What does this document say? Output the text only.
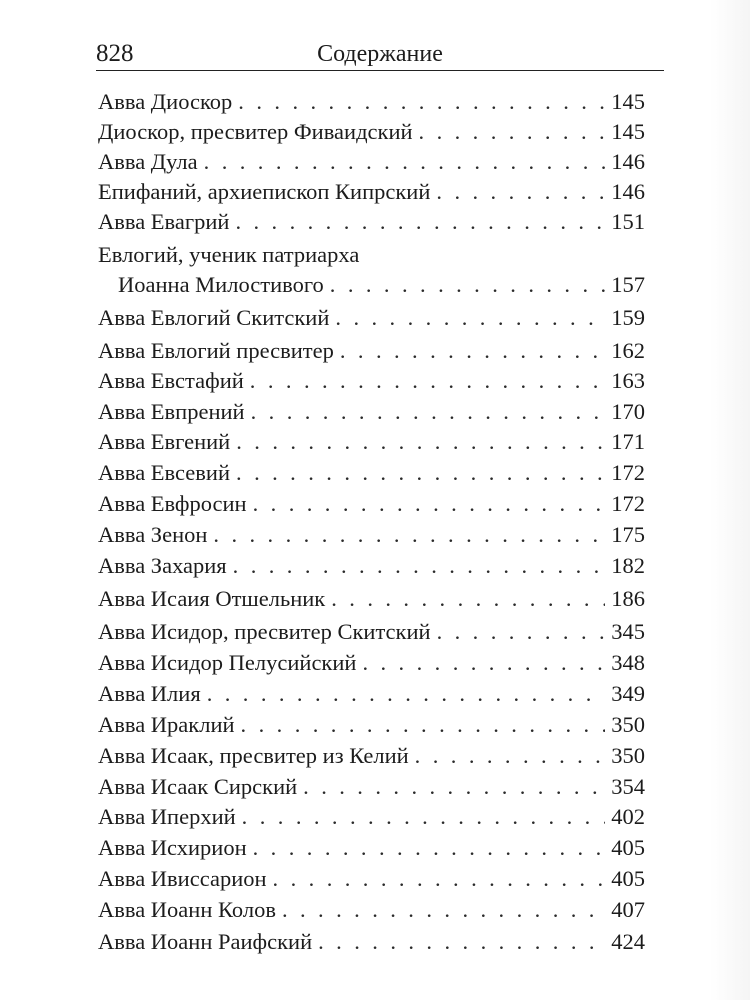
828	Содержание
Авва Диоскор . . .	145
Диоскор, пресвитер Фиваидский . . .	145
Авва Дула . . .	146
Епифаний, архиепископ Кипрский . . .	146
Авва Евагрий . . .	151
Евлогий, ученик патриарха
Иоанна Милостивого . . .	157
Авва Евлогий Скитский . . .	159
Авва Евлогий пресвитер . . .	162
Авва Евстафий . . .	163
Авва Евпрений . . .	170
Авва Евгений . . .	171
Авва Евсевий . . .	172
Авва Евфросин . . .	172
Авва Зенон . . .	175
Авва Захария . . .	182
Авва Исаия Отшельник . . .	186
Авва Исидор, пресвитер Скитский . . .	345
Авва Исидор Пелусийский . . .	348
Авва Илия . . .	349
Авва Ираклий . . .	350
Авва Исаак, пресвитер из Келий . . .	350
Авва Исаак Сирский . . .	354
Авва Иперхий . . .	402
Авва Исхирион . . .	405
Авва Ивиссарион . . .	405
Авва Иоанн Колов . . .	407
Авва Иоанн Раифский . . .	424
